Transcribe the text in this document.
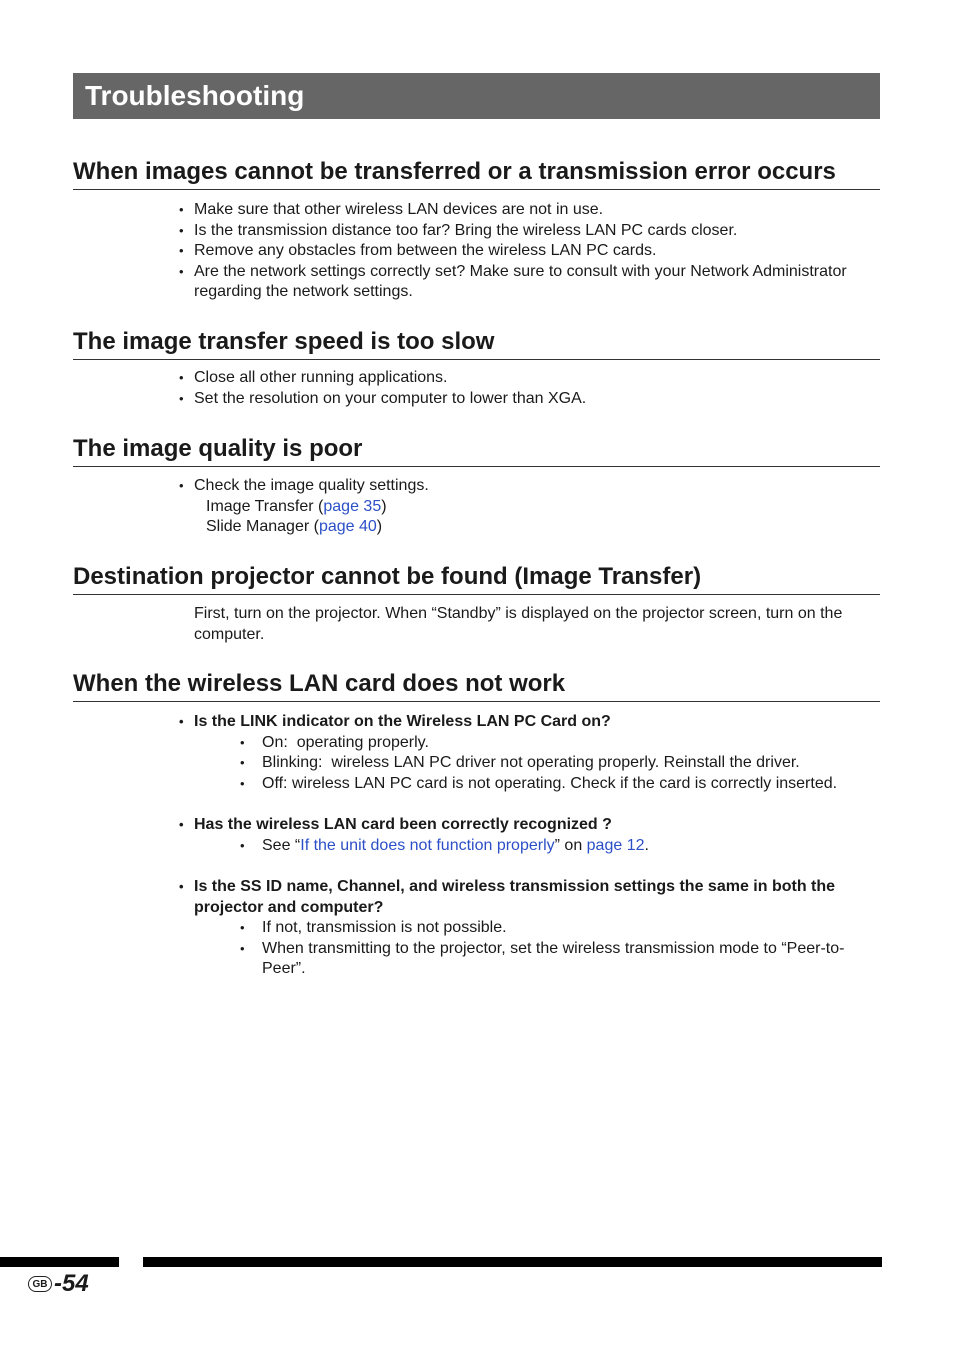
Troubleshooting
When images cannot be transferred or a transmission error occurs
• Make sure that other wireless LAN devices are not in use.
• Is the transmission distance too far? Bring the wireless LAN PC cards closer.
• Remove any obstacles from between the wireless LAN PC cards.
• Are the network settings correctly set? Make sure to consult with your Network Administrator regarding the network settings.
The image transfer speed is too slow
• Close all other running applications.
• Set the resolution on your computer to lower than XGA.
The image quality is poor
• Check the image quality settings.
Image Transfer (page 35)
Slide Manager (page 40)
Destination projector cannot be found (Image Transfer)
First, turn on the projector. When “Standby” is displayed on the projector screen, turn on the computer.
When the wireless LAN card does not work
• Is the LINK indicator on the Wireless LAN PC Card on?
• On: operating properly.
• Blinking: wireless LAN PC driver not operating properly. Reinstall the driver.
• Off:
wireless LAN PC card is not operating. Check if the card is correctly inserted.
• Has the wireless LAN card been correctly recognized ?
• See “If the unit does not function properly” on page 12.
• Is the SS ID name, Channel, and wireless transmission settings the same in both the projector and computer?
• If not, transmission is not possible.
• When transmitting to the projector, set the wireless transmission mode to “Peer-to-Peer”.
GB -54
